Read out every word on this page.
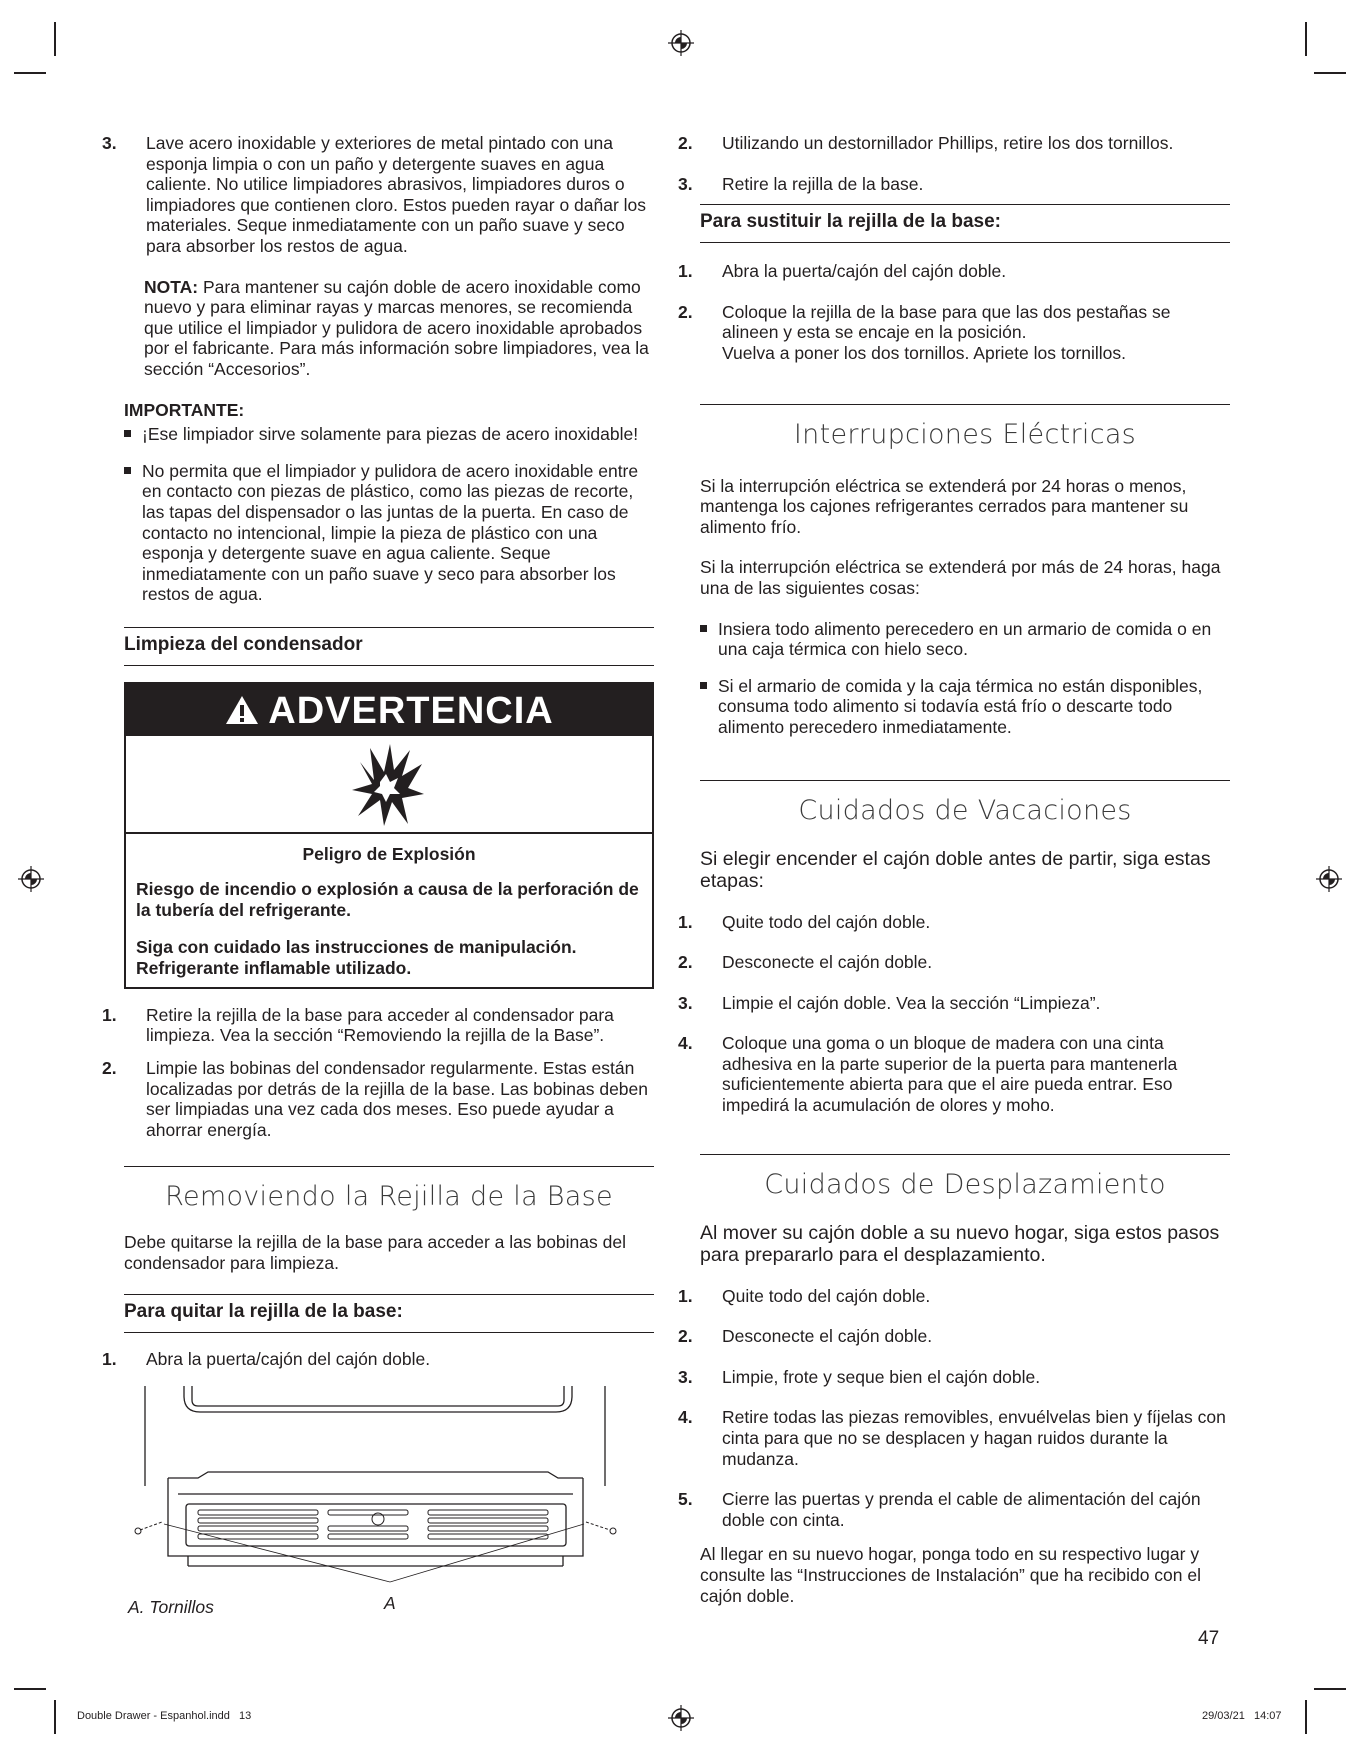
3. Lave acero inoxidable y exteriores de metal pintado con una esponja limpia o con un paño y detergente suaves en agua caliente. No utilice limpiadores abrasivos, limpiadores duros o limpiadores que contienen cloro. Estos pueden rayar o dañar los materiales. Seque inmediatamente con un paño suave y seco para absorber los restos de agua.

NOTA: Para mantener su cajón doble de acero inoxidable como nuevo y para eliminar rayas y marcas menores, se recomienda que utilice el limpiador y pulidora de acero inoxidable aprobados por el fabricante. Para más información sobre limpiadores, vea la sección “Accesorios”.

IMPORTANTE:

¡Ese limpiador sirve solamente para piezas de acero inoxidable!

No permita que el limpiador y pulidora de acero inoxidable entre en contacto con piezas de plástico, como las piezas de recorte, las tapas del dispensador o las juntas de la puerta. En caso de contacto no intencional, limpie la pieza de plástico con una esponja y detergente suave en agua caliente. Seque inmediatamente con un paño suave y seco para absorber los restos de agua.

Limpieza del condensador
ADVERTENCIA

Peligro de Explosión

Riesgo de incendio o explosión a causa de la perforación de la tubería del refrigerante.

Siga con cuidado las instrucciones de manipulación. Refrigerante inflamable utilizado.

1. Retire la rejilla de la base para acceder al condensador para limpieza. Vea la sección “Removiendo la rejilla de la Base”.

2. Limpie las bobinas del condensador regularmente. Estas están localizadas por detrás de la rejilla de la base. Las bobinas deben ser limpiadas una vez cada dos meses. Eso puede ayudar a ahorrar energía.

Removiendo la Rejilla de la Base

Debe quitarse la rejilla de la base para acceder a las bobinas del condensador para limpieza.

Para quitar la rejilla de la base:

1. Abra la puerta/cajón del cajón doble.

A. Tornillos	A

2. Utilizando un destornillador Phillips, retire los dos tornillos.

3. Retire la rejilla de la base.

Para sustituir la rejilla de la base:

1. Abra la puerta/cajón del cajón doble.

2. Coloque la rejilla de la base para que las dos pestañas se alineen y esta se encaje en la posición.
Vuelva a poner los dos tornillos. Apriete los tornillos.

Interrupciones Eléctricas

Si la interrupción eléctrica se extenderá por 24 horas o menos, mantenga los cajones refrigerantes cerrados para mantener su alimento frío.

Si la interrupción eléctrica se extenderá por más de 24 horas, haga una de las siguientes cosas:

Insiera todo alimento perecedero en un armario de comida o en una caja térmica con hielo seco.

Si el armario de comida y la caja térmica no están disponibles, consuma todo alimento si todavía está frío o descarte todo alimento perecedero inmediatamente.

Cuidados de Vacaciones

Si elegir encender el cajón doble antes de partir, siga estas etapas:

1. Quite todo del cajón doble.

2. Desconecte el cajón doble.

3. Limpie el cajón doble. Vea la sección “Limpieza”.

4. Coloque una goma o un bloque de madera con una cinta adhesiva en la parte superior de la puerta para mantenerla suficientemente abierta para que el aire pueda entrar. Eso impedirá la acumulación de olores y moho.

Cuidados de Desplazamiento

Al mover su cajón doble a su nuevo hogar, siga estos pasos para prepararlo para el desplazamiento.

1. Quite todo del cajón doble.

2. Desconecte el cajón doble.

3. Limpie, frote y seque bien el cajón doble.

4. Retire todas las piezas removibles, envuélvelas bien y fíjelas con cinta para que no se desplacen y hagan ruidos durante la mudanza.

5. Cierre las puertas y prenda el cable de alimentación del cajón doble con cinta.

Al llegar en su nuevo hogar, ponga todo en su respectivo lugar y consulte las “Instrucciones de Instalación” que ha recibido con el cajón doble.

47
Double Drawer - Espanhol.indd   13	29/03/21   14:07
